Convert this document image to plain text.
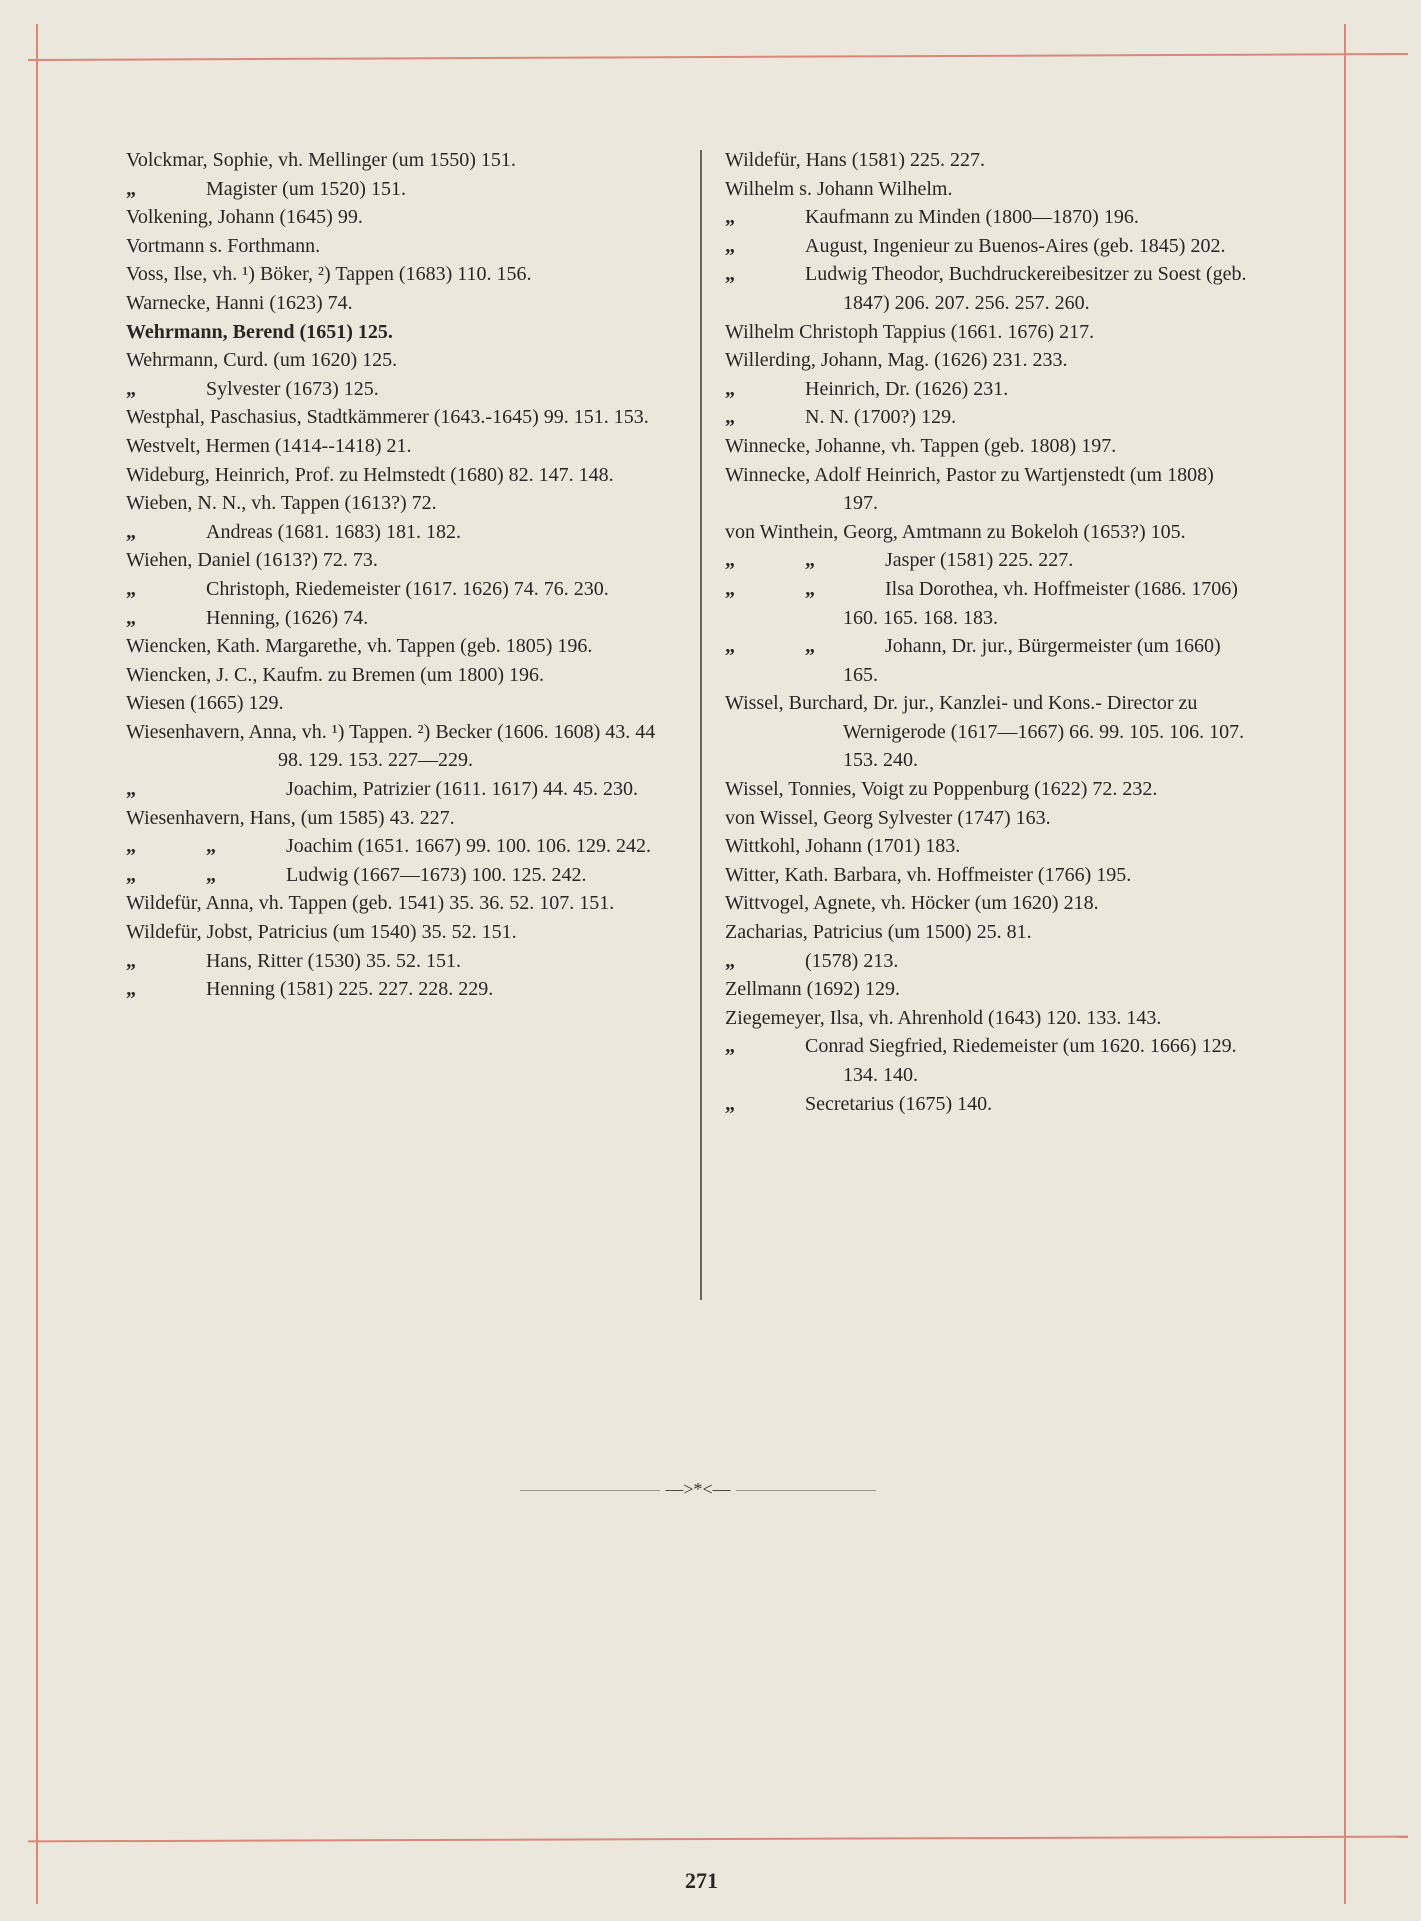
Volckmar, Sophie, vh. Mellinger (um 1550) 151.
„	Magister (um 1520) 151.
Volkening, Johann (1645) 99.
Vortmann s. Forthmann.
Voss, Ilse, vh. ¹) Böker, ²) Tappen (1683) 110. 156.
Warnecke, Hanni (1623) 74.
Wehrmann, Berend (1651) 125.
Wehrmann, Curd. (um 1620) 125.
„	Sylvester (1673) 125.
Westphal, Paschasius, Stadtkämmerer (1643.-1645) 99. 151. 153.
Westvelt, Hermen (1414--1418) 21.
Wideburg, Heinrich, Prof. zu Helmstedt (1680) 82. 147. 148.
Wieben, N. N., vh. Tappen (1613?) 72.
„	Andreas (1681. 1683) 181. 182.
Wiehen, Daniel (1613?) 72. 73.
„	Christoph, Riedemeister (1617. 1626) 74. 76. 230.
„	Henning, (1626) 74.
Wiencken, Kath. Margarethe, vh. Tappen (geb. 1805) 196.
Wiencken, J. C., Kaufm. zu Bremen (um 1800) 196.
Wiesen (1665) 129.
Wiesenhavern, Anna, vh. ¹) Tappen. ²) Becker (1606. 1608) 43. 44 98. 129. 153. 227—229.
„	Joachim, Patrizier (1611. 1617) 44. 45. 230.
Wiesenhavern, Hans, (um 1585) 43. 227.
„	„	Joachim (1651. 1667) 99. 100. 106. 129. 242.
„	„	Ludwig (1667—1673) 100. 125. 242.
Wildefür, Anna, vh. Tappen (geb. 1541) 35. 36. 52. 107. 151.
Wildefür, Jobst, Patricius (um 1540) 35. 52. 151.
„	Hans, Ritter (1530) 35. 52. 151.
„	Henning (1581) 225. 227. 228. 229.
Wildefür, Hans (1581) 225. 227.
Wilhelm s. Johann Wilhelm.
„	Kaufmann zu Minden (1800—1870) 196.
„	August, Ingenieur zu Buenos-Aires (geb. 1845) 202.
„	Ludwig Theodor, Buchdruckereibesitzer zu Soest (geb. 1847) 206. 207. 256. 257. 260.
Wilhelm Christoph Tappius (1661. 1676) 217.
Willerding, Johann, Mag. (1626) 231. 233.
„	Heinrich, Dr. (1626) 231.
„	N. N. (1700?) 129.
Winnecke, Johanne, vh. Tappen (geb. 1808) 197.
Winnecke, Adolf Heinrich, Pastor zu Wartjenstedt (um 1808) 197.
von Winthein, Georg, Amtmann zu Bokeloh (1653?) 105.
„	„	Jasper (1581) 225. 227.
„	„	Ilsa Dorothea, vh. Hoffmeister (1686. 1706) 160. 165. 168. 183.
„	„	Johann, Dr. jur., Bürgermeister (um 1660) 165.
Wissel, Burchard, Dr. jur., Kanzlei- und Kons.- Director zu Wernigerode (1617—1667) 66. 99. 105. 106. 107. 153. 240.
Wissel, Tonnies, Voigt zu Poppenburg (1622) 72. 232.
von Wissel, Georg Sylvester (1747) 163.
Wittkohl, Johann (1701) 183.
Witter, Kath. Barbara, vh. Hoffmeister (1766) 195.
Wittvogel, Agnete, vh. Höcker (um 1620) 218.
Zacharias, Patricius (um 1500) 25. 81.
„	(1578) 213.
Zellmann (1692) 129.
Ziegemeyer, Ilsa, vh. Ahrenhold (1643) 120. 133. 143.
„	Conrad Siegfried, Riedemeister (um 1620. 1666) 129. 134. 140.
„	Secretarius (1675) 140.
—>*<—
271
